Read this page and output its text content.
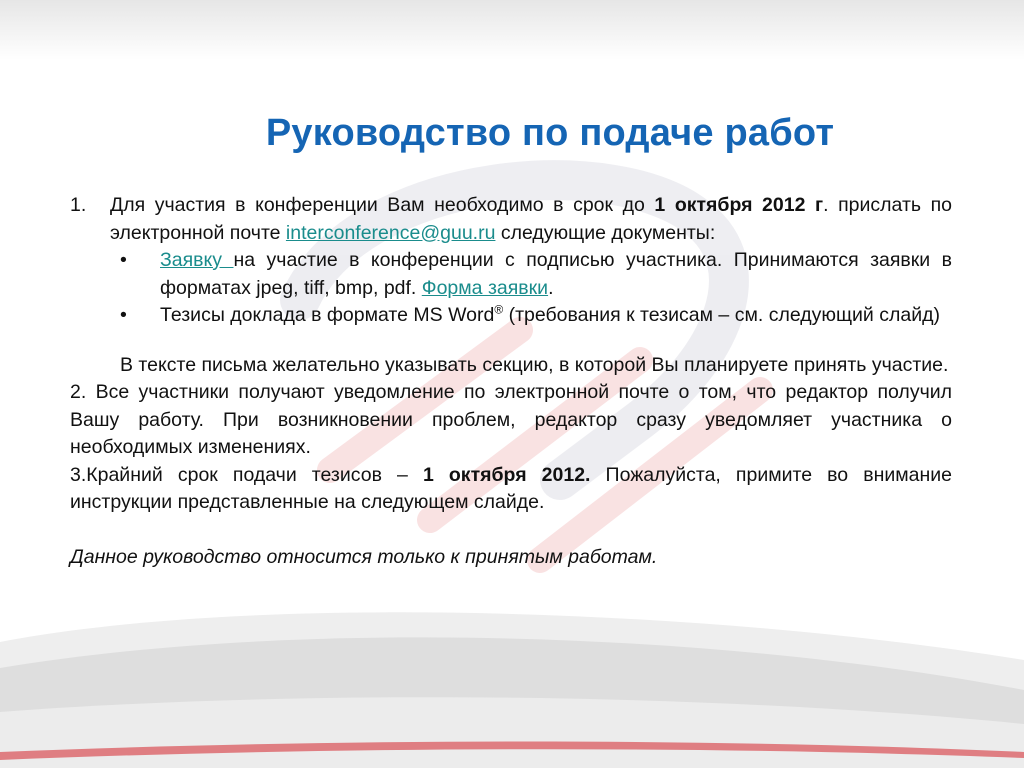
Руководство по подаче работ

1. Для участия в конференции Вам необходимо в срок до 1 октября 2012 г. прислать по электронной почте interconference@guu.ru следующие документы:

• Заявку на участие в конференции с подписью участника. Принимаются заявки в форматах jpeg, tiff, bmp, pdf. Форма заявки.
• Тезисы доклада в формате MS Word® (требования к тезисам – см. следующий слайд)

В тексте письма желательно указывать секцию, в которой Вы планируете принять участие.

2. Все участники получают уведомление по электронной почте о том, что редактор получил Вашу работу. При возникновении проблем, редактор сразу уведомляет участника о необходимых изменениях.

3.Крайний срок подачи тезисов – 1 октября 2012. Пожалуйста, примите во внимание инструкции представленные на следующем слайде.

Данное руководство относится только к принятым работам.
